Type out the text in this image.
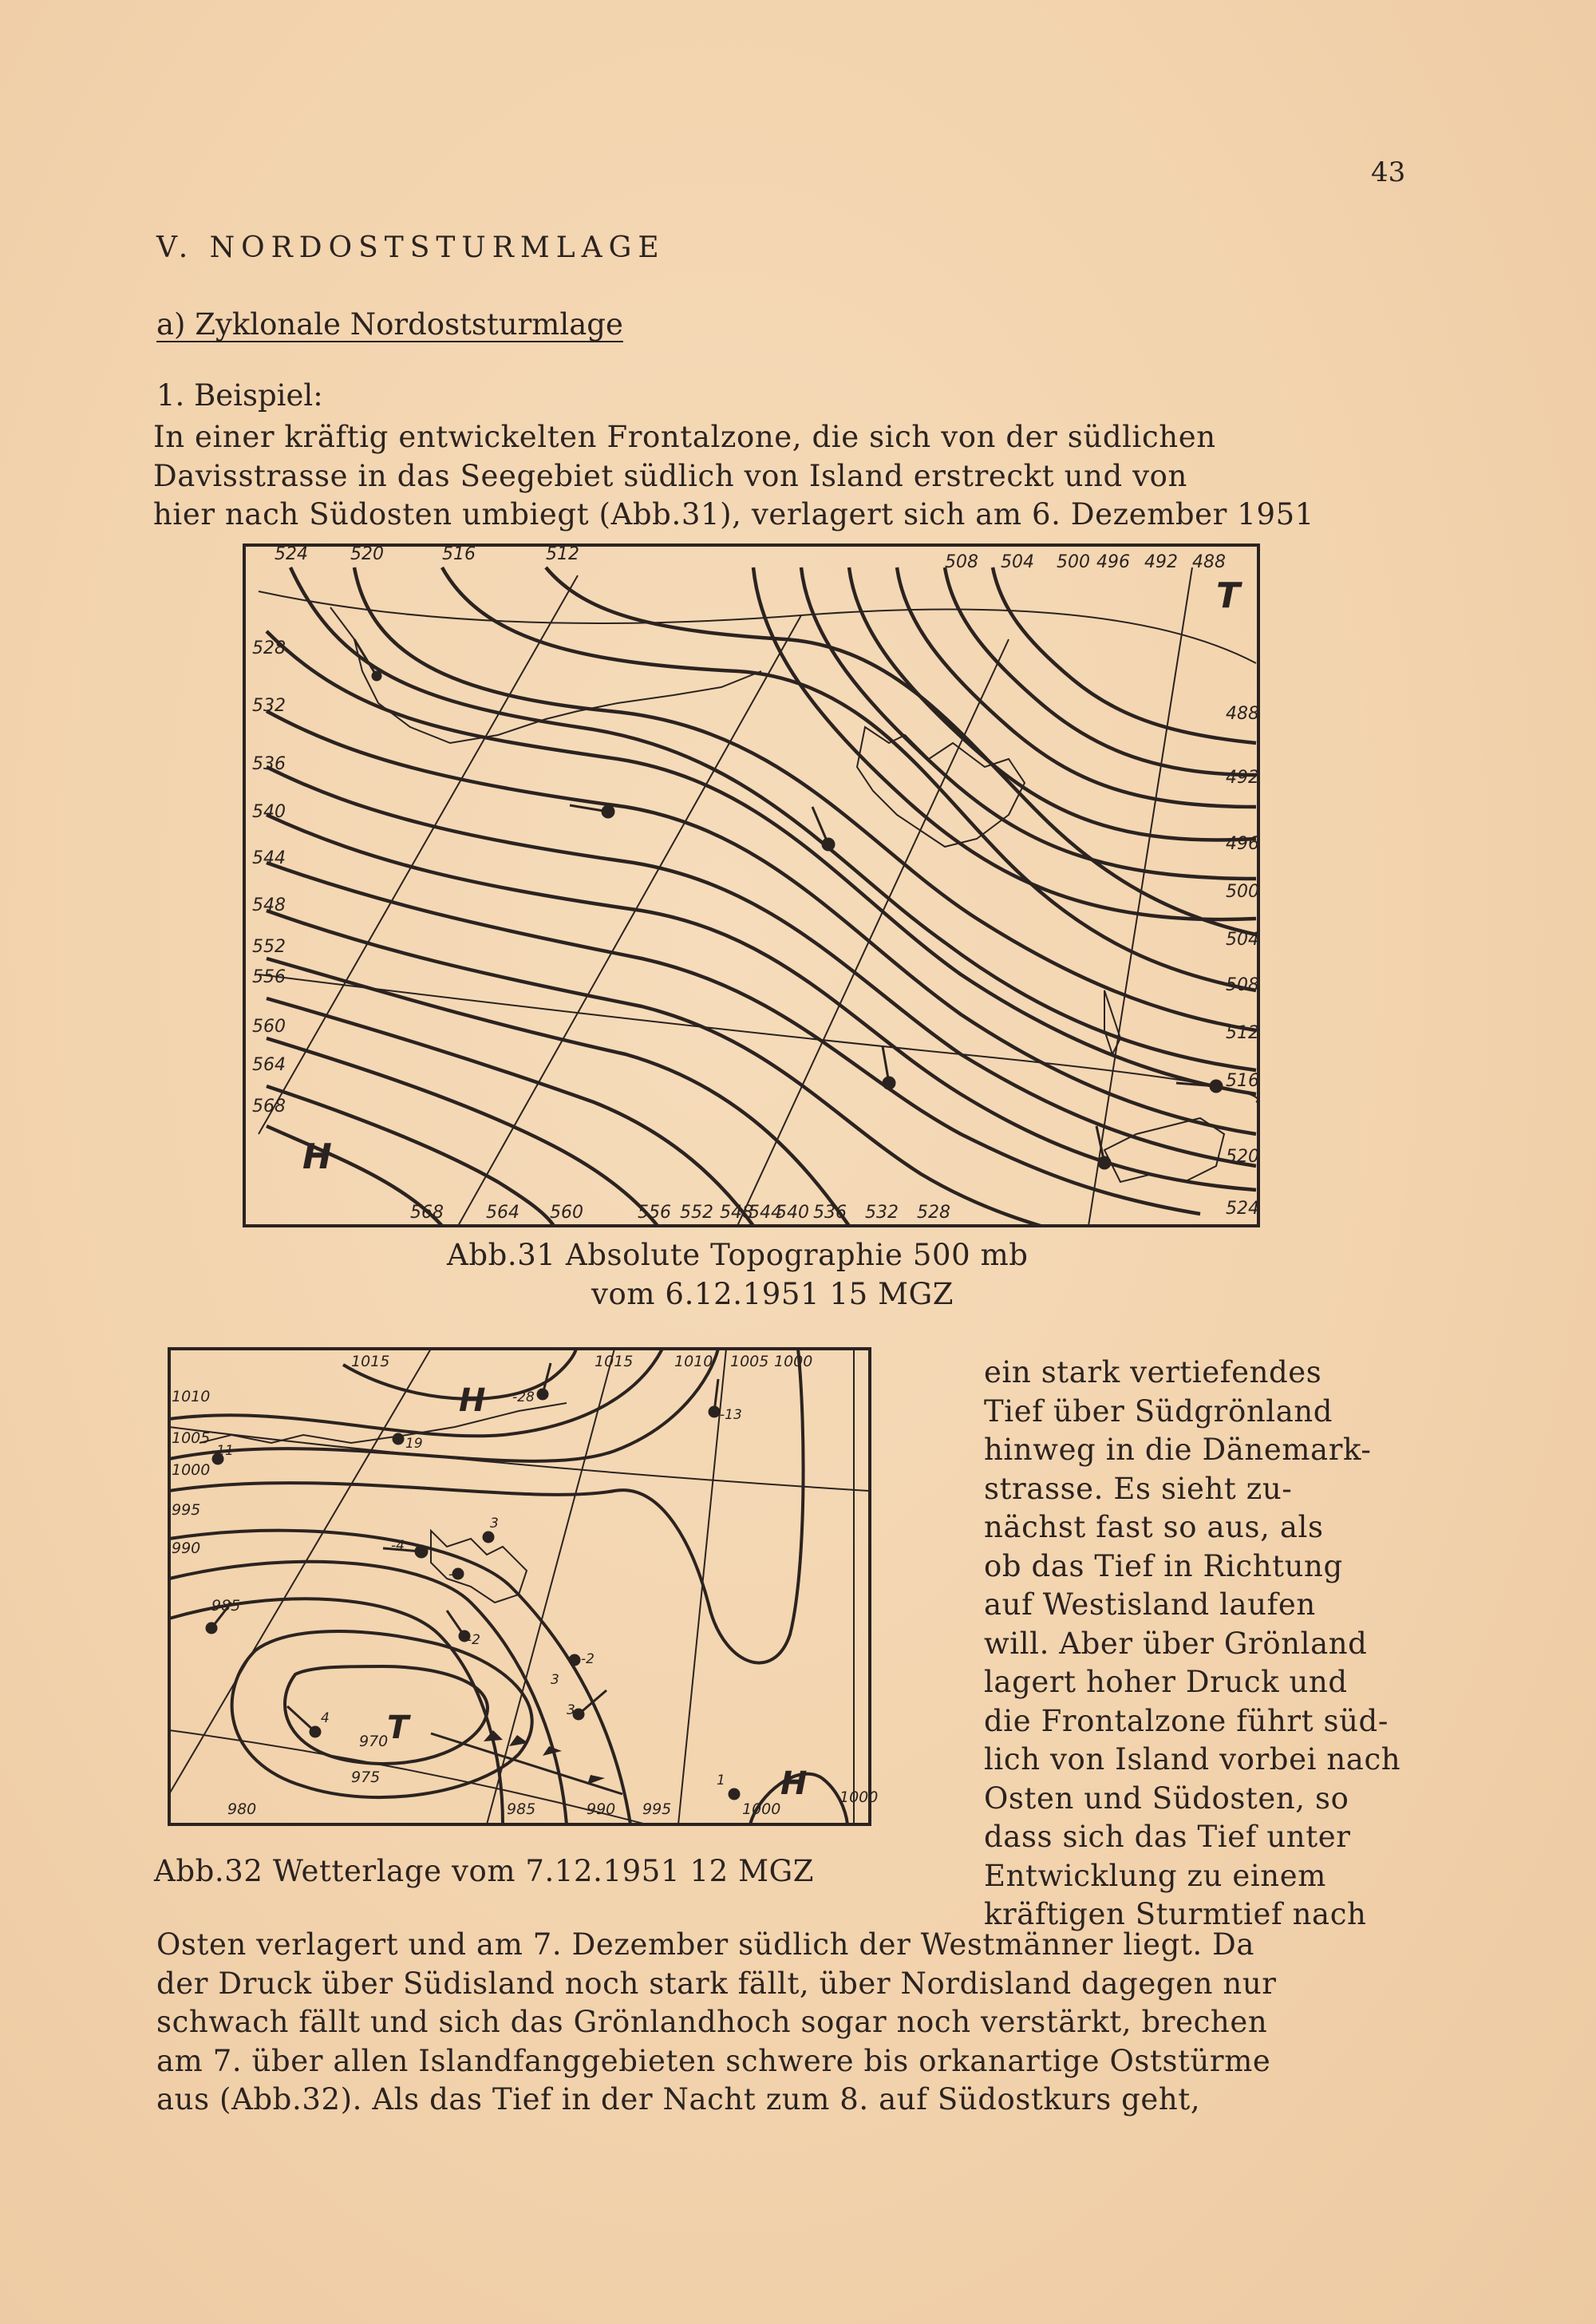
43
V. NORDOSTSTURMLAGE
a) Zyklonale Nordoststurmlage
1. Beispiel:
In einer kräftig entwickelten Frontalzone, die sich von der südlichen
Davisstrasse in das Seegebiet südlich von Island erstreckt und von
hier nach Südosten umbiegt (Abb.31), verlagert sich am 6. Dezember 1951
524 520	516	512	508 504 500 496 492 488
528
532
536
540
544
548
552
556
560
564
568
488
492
496
500
504
508
512
516
520
524
568 564 560	556 552 548
544
540 536 532 528
H
T
Abb.31 Absolute Topographie 500 mb
vom 6.12.1951 15 MGZ
H
H
T
1015	1015	1010 1005 1000
1010
1005
1000
995
990
985
970
975
980	985	990 995	1000
1000
-28
-13
-11	19
-4
3
-4
-2
-2
3
3
4
1
Abb.32 Wetterlage vom 7.12.1951 12 MGZ
ein stark vertiefendes
Tief über Südgrönland
hinweg in die Dänemark-
strasse. Es sieht zu-
nächst fast so aus, als
ob das Tief in Richtung
auf Westisland laufen
will. Aber über Grönland
lagert hoher Druck und
die Frontalzone führt süd-
lich von Island vorbei nach
Osten und Südosten, so
dass sich das Tief unter
Entwicklung zu einem
kräftigen Sturmtief nach
Osten verlagert und am 7. Dezember südlich der Westmänner liegt. Da
der Druck über Südisland noch stark fällt, über Nordisland dagegen nur
schwach fällt und sich das Grönlandhoch sogar noch verstärkt, brechen
am 7. über allen Islandfanggebieten schwere bis orkanartige Oststürme
aus (Abb.32). Als das Tief in der Nacht zum 8. auf Südostkurs geht,
